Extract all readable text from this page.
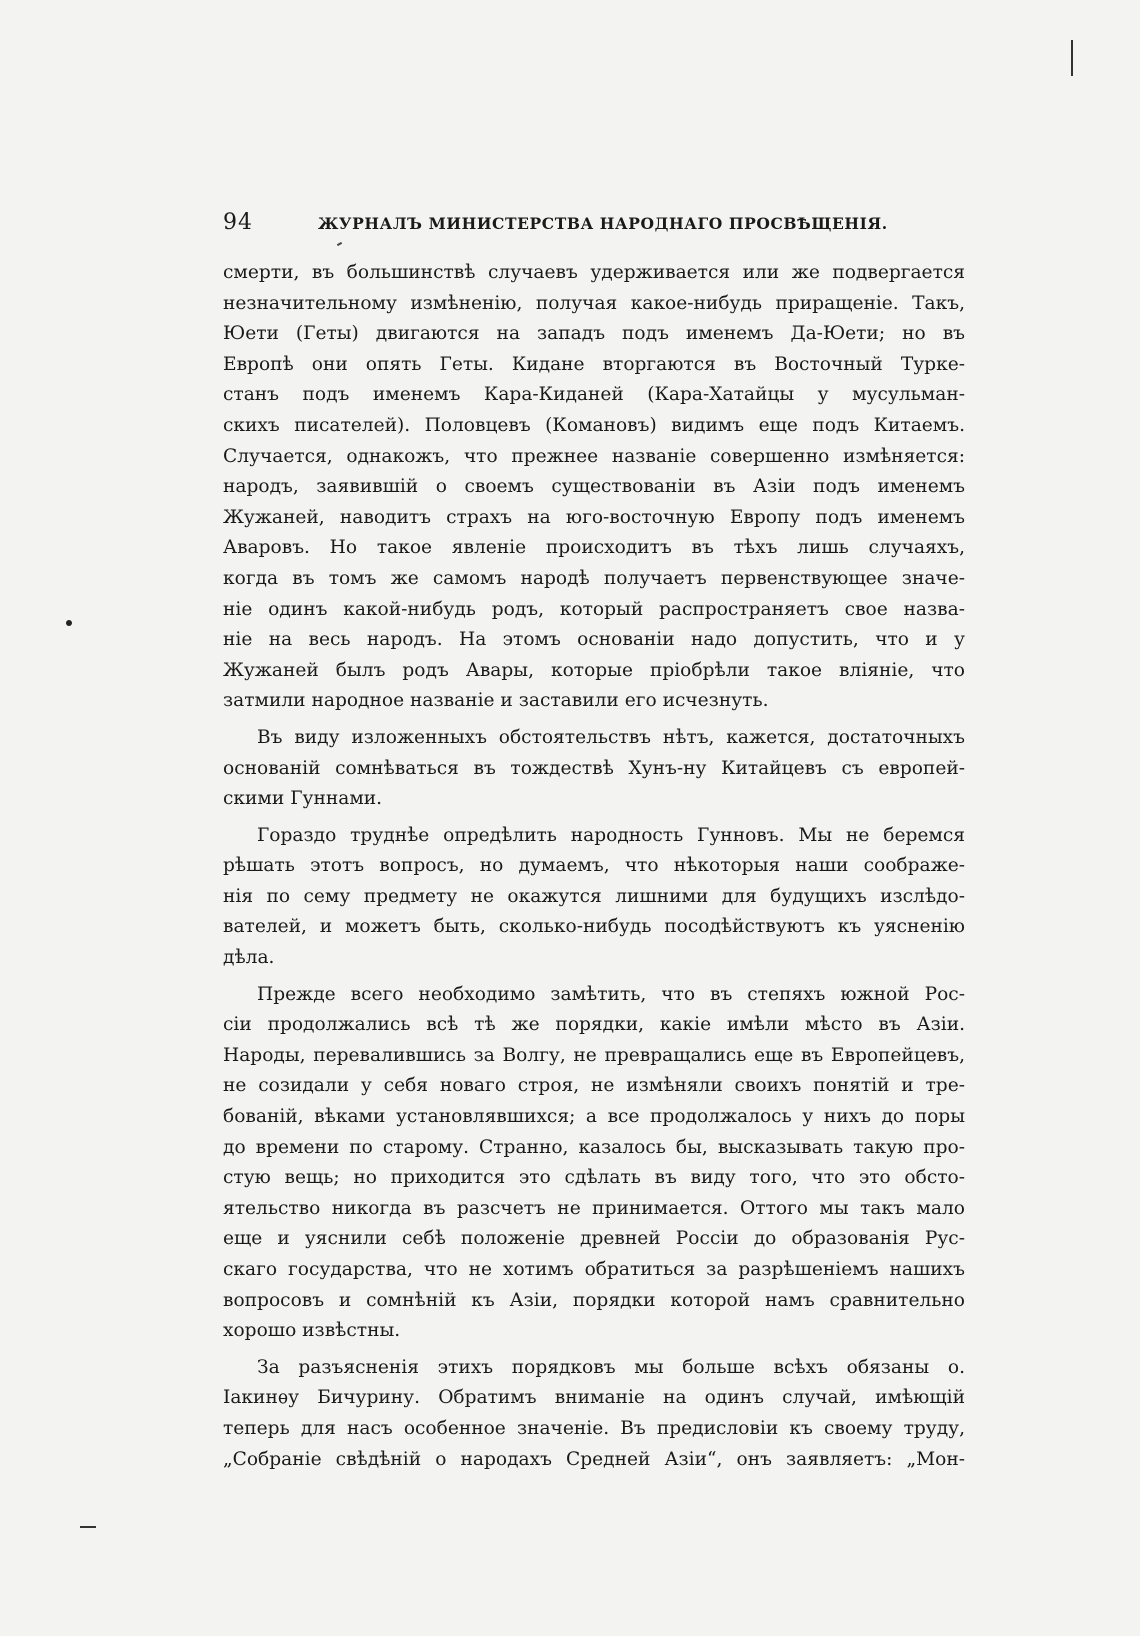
94	ЖУРНАЛЪ МИНИСТЕРСТВА НАРОДНАГО ПРОСВѢЩЕНІЯ.
смерти, въ большинствѣ случаевъ удерживается или же подвергается
незначительному измѣненію, получая какое-нибудь приращеніе. Такъ,
Юети (Геты) двигаются на западъ подъ именемъ Да-Юети; но въ
Европѣ они опять Геты. Кидане вторгаются въ Восточный Турке-
станъ подъ именемъ Кара-Киданей (Кара-Хатайцы у мусульман-
скихъ писателей). Половцевъ (Комановъ) видимъ еще подъ Китаемъ.
Случается, однакожъ, что прежнее названіе совершенно измѣняется:
народъ, заявившій о своемъ существованіи въ Азіи подъ именемъ
Жужаней, наводитъ страхъ на юго-восточную Европу подъ именемъ
Аваровъ. Но такое явленіе происходитъ въ тѣхъ лишь случаяхъ,
когда въ томъ же самомъ народѣ получаетъ первенствующее значе-
ніе одинъ какой-нибудь родъ, который распространяетъ свое назва-
ніе на весь народъ. На этомъ основаніи надо допустить, что и у
Жужаней былъ родъ Авары, которые пріобрѣли такое вліяніе, что
затмили народное названіе и заставили его исчезнуть.
Въ виду изложенныхъ обстоятельствъ нѣтъ, кажется, достаточныхъ
основаній сомнѣваться въ тождествѣ Хунъ-ну Китайцевъ съ европей-
скими Гуннами.
Гораздо труднѣе опредѣлить народность Гунновъ. Мы не беремся
рѣшать этотъ вопросъ, но думаемъ, что нѣкоторыя наши соображе-
нія по сему предмету не окажутся лишними для будущихъ изслѣдо-
вателей, и можетъ быть, сколько-нибудь посодѣйствуютъ къ уясненію
дѣла.
Прежде всего необходимо замѣтить, что въ степяхъ южной Рос-
сіи продолжались всѣ тѣ же порядки, какіе имѣли мѣсто въ Азіи.
Народы, перевалившись за Волгу, не превращались еще въ Европейцевъ,
не созидали у себя новаго строя, не измѣняли своихъ понятій и тре-
бованій, вѣками установлявшихся; а все продолжалось у нихъ до поры
до времени по старому. Странно, казалось бы, высказывать такую про-
стую вещь; но приходится это сдѣлать въ виду того, что это обсто-
ятельство никогда въ разсчетъ не принимается. Оттого мы такъ мало
еще и уяснили себѣ положеніе древней Россіи до образованія Рус-
скаго государства, что не хотимъ обратиться за разрѣшеніемъ нашихъ
вопросовъ и сомнѣній къ Азіи, порядки которой намъ сравнительно
хорошо извѣстны.
За разъясненія этихъ порядковъ мы больше всѣхъ обязаны о.
Іакинѳу Бичурину. Обратимъ вниманіе на одинъ случай, имѣющій
теперь для насъ особенное значеніе. Въ предисловіи къ своему труду,
„Собраніе свѣдѣній о народахъ Средней Азіи“, онъ заявляетъ: „Мон-
